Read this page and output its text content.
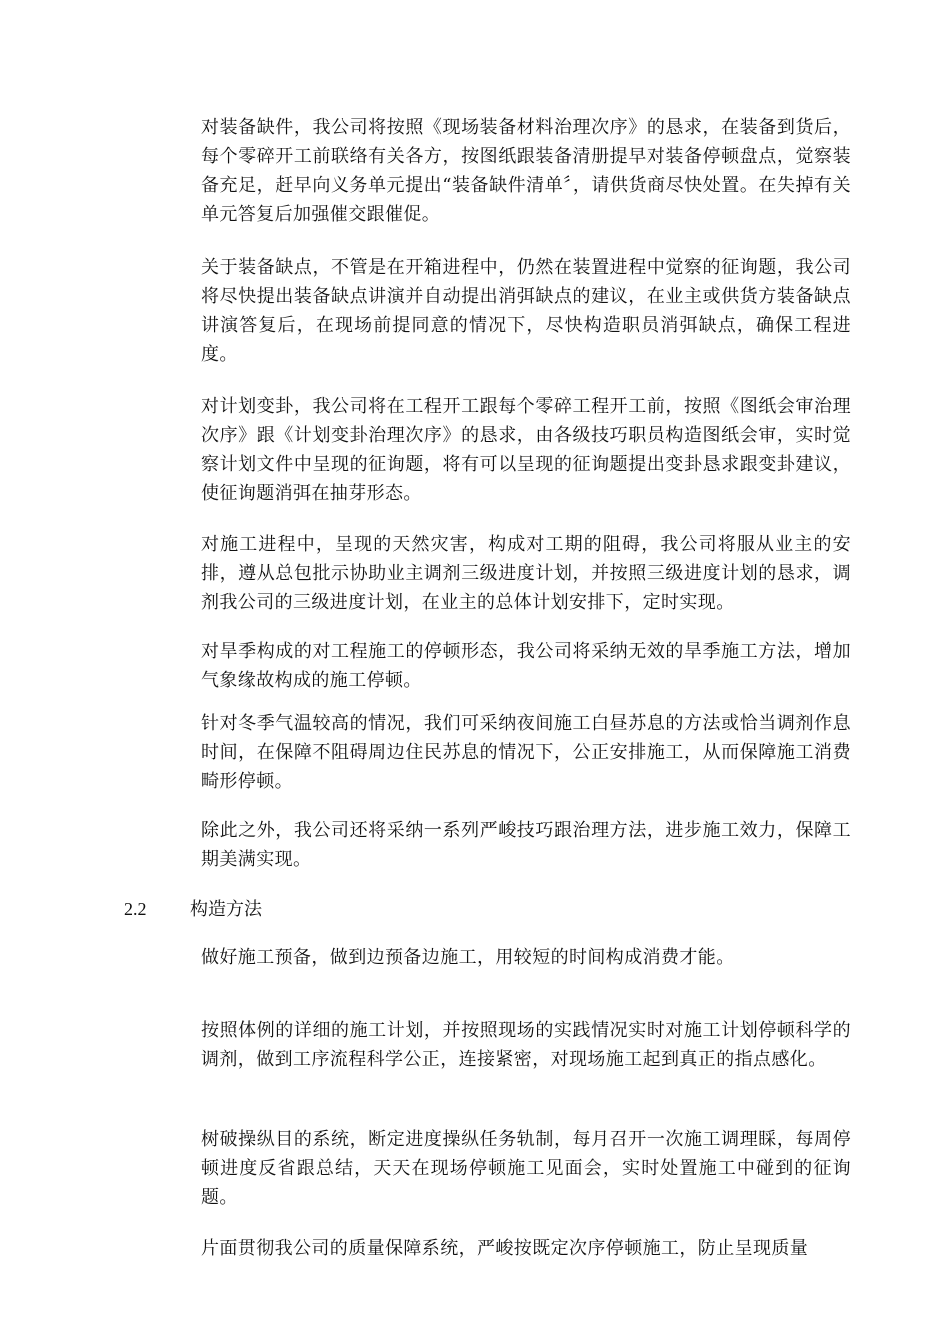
对装备缺件，我公司将按照《现场装备材料治理次序》的恳求，在装备到货后，每个零碎开工前联络有关各方，按图纸跟装备清册提早对装备停顿盘点，觉察装备充足，赶早向义务单元提出“装备缺件清单〞，请供货商尽快处置。在失掉有关单元答复后加强催交跟催促。

关于装备缺点，不管是在开箱进程中，仍然在装置进程中觉察的征询题，我公司将尽快提出装备缺点讲演并自动提出消弭缺点的建议，在业主或供货方装备缺点讲演答复后，在现场前提同意的情况下，尽快构造职员消弭缺点，确保工程进度。

对计划变卦，我公司将在工程开工跟每个零碎工程开工前，按照《图纸会审治理次序》跟《计划变卦治理次序》的恳求，由各级技巧职员构造图纸会审，实时觉察计划文件中呈现的征询题，将有可以呈现的征询题提出变卦恳求跟变卦建议，使征询题消弭在抽芽形态。

对施工进程中，呈现的天然灾害，构成对工期的阻碍，我公司将服从业主的安排，遵从总包批示协助业主调剂三级进度计划，并按照三级进度计划的恳求，调剂我公司的三级进度计划，在业主的总体计划安排下，定时实现。

对旱季构成的对工程施工的停顿形态，我公司将采纳无效的旱季施工方法，增加气象缘故构成的施工停顿。

针对冬季气温较高的情况，我们可采纳夜间施工白昼苏息的方法或恰当调剂作息时间，在保障不阻碍周边住民苏息的情况下，公正安排施工，从而保障施工消费畸形停顿。

除此之外，我公司还将采纳一系列严峻技巧跟治理方法，进步施工效力，保障工期美满实现。

2.2	构造方法

做好施工预备，做到边预备边施工，用较短的时间构成消费才能。

按照体例的详细的施工计划，并按照现场的实践情况实时对施工计划停顿科学的调剂，做到工序流程科学公正，连接紧密，对现场施工起到真正的指点感化。

树破操纵目的系统，断定进度操纵任务轨制，每月召开一次施工调理睬，每周停顿进度反省跟总结，天天在现场停顿施工见面会，实时处置施工中碰到的征询题。

片面贯彻我公司的质量保障系统，严峻按既定次序停顿施工，防止呈现质量
